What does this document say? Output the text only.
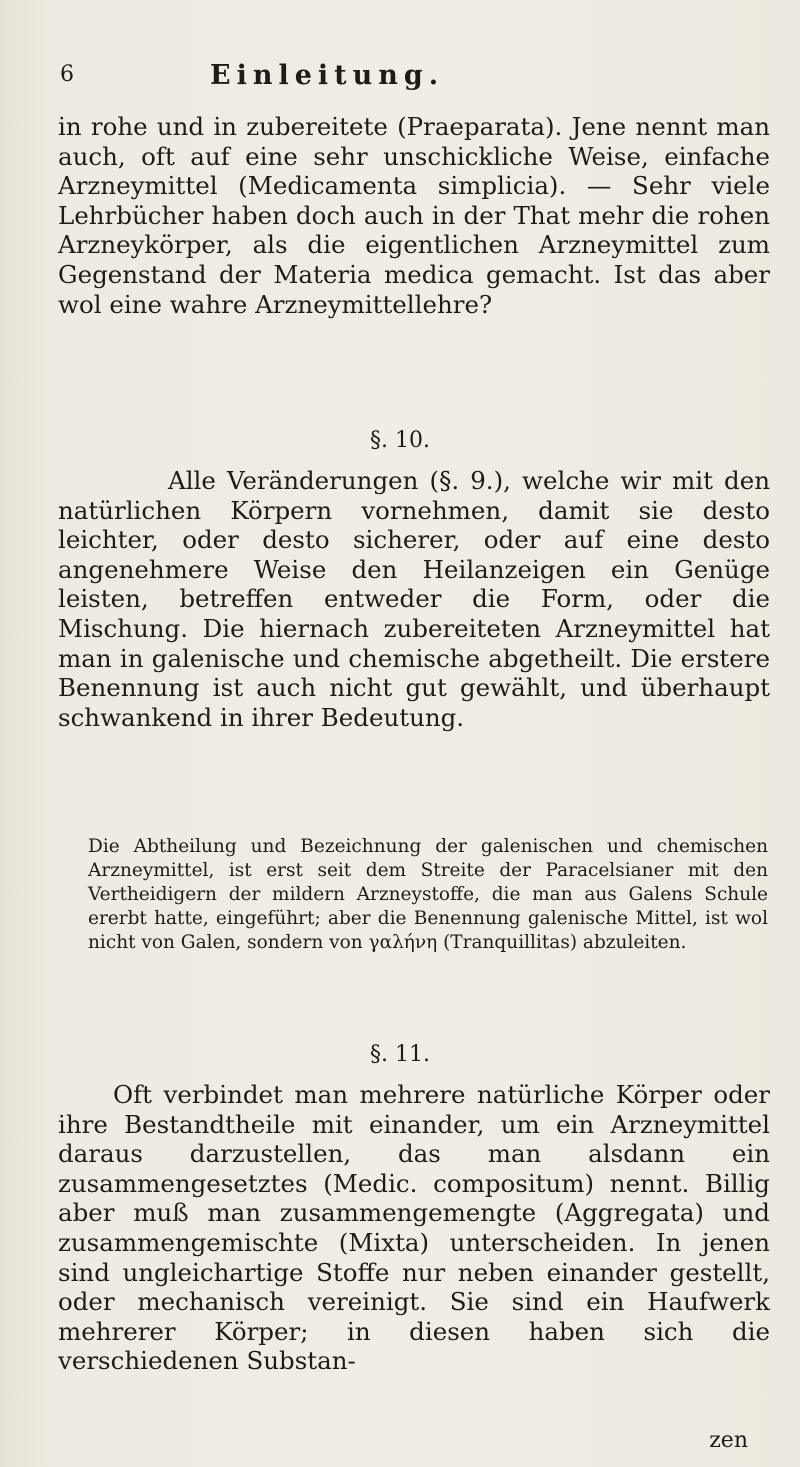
6	Einleitung.
in rohe und in zubereitete (Praeparata). Jene nennt man auch, oft auf eine sehr unschickliche Weise, einfache Arzneymittel (Medicamenta simplicia). — Sehr viele Lehrbücher haben doch auch in der That mehr die rohen Arzneykörper, als die eigentlichen Arzneymittel zum Gegenstand der Materia medica gemacht. Ist das aber wol eine wahre Arzneymittellehre?
§. 10.
Alle Veränderungen (§. 9.), welche wir mit den natürlichen Körpern vornehmen, damit sie desto leichter, oder desto sicherer, oder auf eine desto angenehmere Weise den Heilanzeigen ein Genüge leisten, betreffen entweder die Form, oder die Mischung. Die hiernach zubereiteten Arzneymittel hat man in galenische und chemische abgetheilt. Die erstere Benennung ist auch nicht gut gewählt, und überhaupt schwankend in ihrer Bedeutung.
Die Abtheilung und Bezeichnung der galenischen und chemischen Arzneymittel, ist erst seit dem Streite der Paracelsianer mit den Vertheidigern der mildern Arzneystoffe, die man aus Galens Schule ererbt hatte, eingeführt; aber die Benennung galenische Mittel, ist wol nicht von Galen, sondern von γαλήνη (Tranquillitas) abzuleiten.
§. 11.
Oft verbindet man mehrere natürliche Körper oder ihre Bestandtheile mit einander, um ein Arzneymittel daraus darzustellen, das man alsdann ein zusammengesetztes (Medic. compositum) nennt. Billig aber muß man zusammengemengte (Aggregata) und zusammengemischte (Mixta) unterscheiden. In jenen sind ungleichartige Stoffe nur neben einander gestellt, oder mechanisch vereinigt. Sie sind ein Haufwerk mehrerer Körper; in diesen haben sich die verschiedenen Substan-
zen
